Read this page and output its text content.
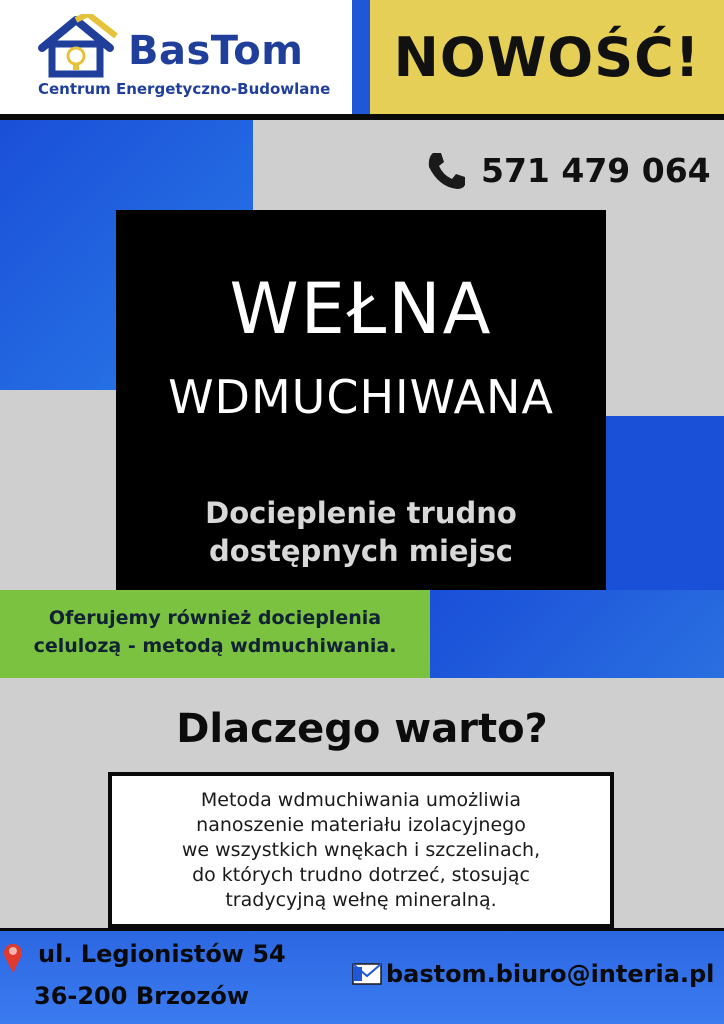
BasTom
Centrum Energetyczno-Budowlane
NOWOŚĆ!
571 479 064
WEŁNA
WDMUCHIWANA
Docieplenie trudno dostępnych miejsc
Oferujemy również docieplenia
celulozą - metodą wdmuchiwania.
Dlaczego warto?
Metoda wdmuchiwania umożliwia
nanoszenie materiału izolacyjnego
we wszystkich wnękach i szczelinach,
do których trudno dotrzeć, stosując
tradycyjną wełnę mineralną.
ul. Legionistów 54
36-200 Brzozów
bastom.biuro@interia.pl
